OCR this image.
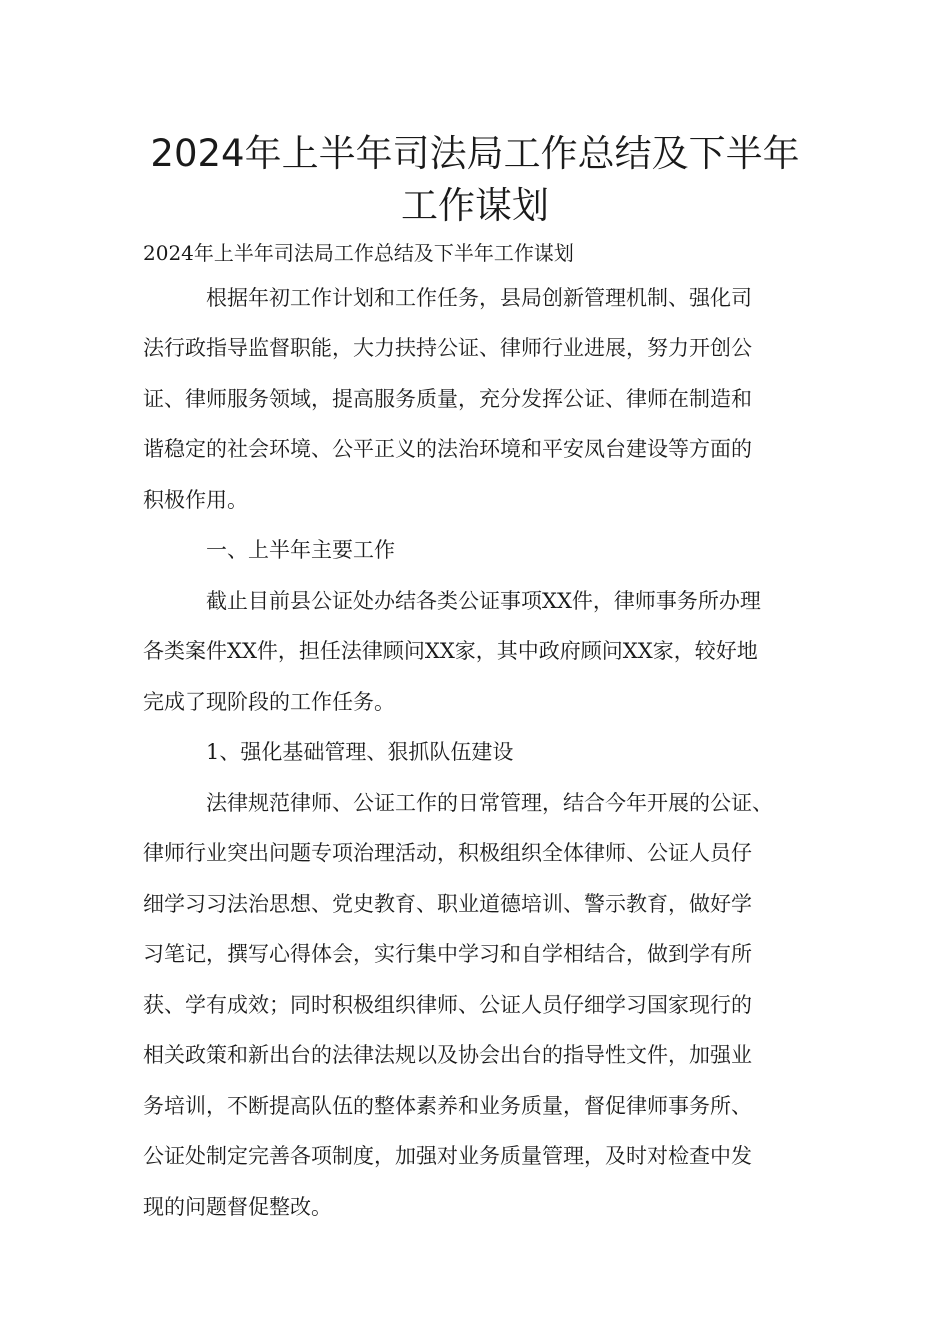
2024年上半年司法局工作总结及下半年
工作谋划

2024年上半年司法局工作总结及下半年工作谋划

　　　根据年初工作计划和工作任务，县局创新管理机制、强化司

法行政指导监督职能，大力扶持公证、律师行业进展，努力开创公

证、律师服务领域，提高服务质量，充分发挥公证、律师在制造和

谐稳定的社会环境、公平正义的法治环境和平安凤台建设等方面的

积极作用。

　　　一、上半年主要工作

　　　截止目前县公证处办结各类公证事项XX件，律师事务所办理

各类案件XX件，担任法律顾问XX家，其中政府顾问XX家，较好地

完成了现阶段的工作任务。

　　　1、强化基础管理、狠抓队伍建设

　　　法律规范律师、公证工作的日常管理，结合今年开展的公证、

律师行业突出问题专项治理活动，积极组织全体律师、公证人员仔

细学习习法治思想、党史教育、职业道德培训、警示教育，做好学

习笔记，撰写心得体会，实行集中学习和自学相结合，做到学有所

获、学有成效；同时积极组织律师、公证人员仔细学习国家现行的

相关政策和新出台的法律法规以及协会出台的指导性文件，加强业

务培训，不断提高队伍的整体素养和业务质量，督促律师事务所、

公证处制定完善各项制度，加强对业务质量管理，及时对检查中发

现的问题督促整改。
